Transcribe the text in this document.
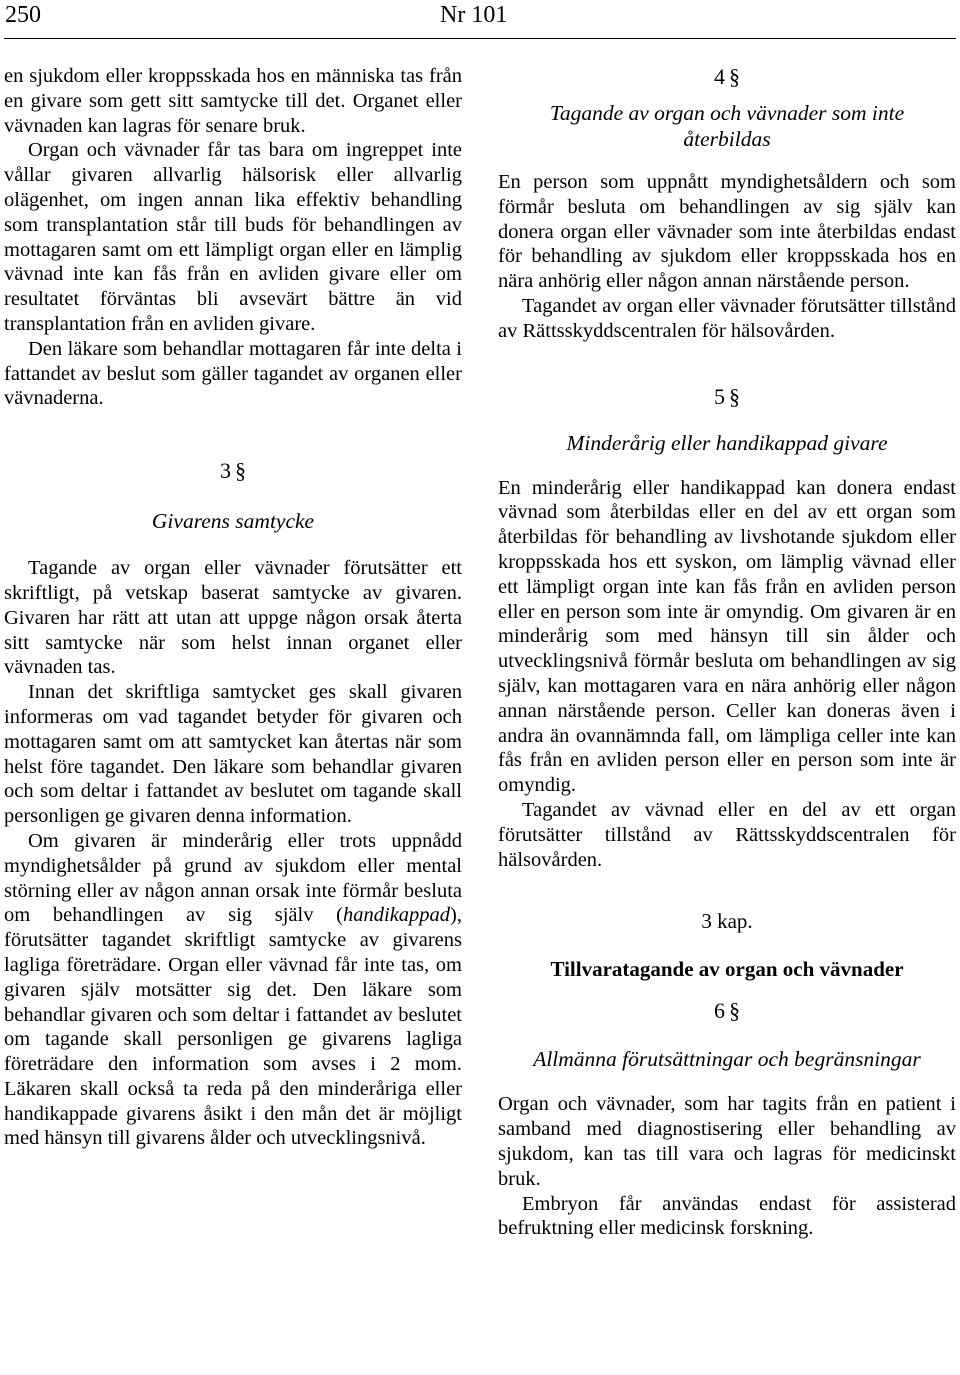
250	Nr 101

en sjukdom eller kroppsskada hos en människa tas från en givare som gett sitt samtycke till det. Organet eller vävnaden kan lagras för senare bruk.

Organ och vävnader får tas bara om ingreppet inte vållar givaren allvarlig hälsorisk eller allvarlig olägenhet, om ingen annan lika effektiv behandling som transplantation står till buds för behandlingen av mottagaren samt om ett lämpligt organ eller en lämplig vävnad inte kan fås från en avliden givare eller om resultatet förväntas bli avsevärt bättre än vid transplantation från en avliden givare.

Den läkare som behandlar mottagaren får inte delta i fattandet av beslut som gäller tagandet av organen eller vävnaderna.

3 §

Givarens samtycke

Tagande av organ eller vävnader förutsätter ett skriftligt, på vetskap baserat samtycke av givaren. Givaren har rätt att utan att uppge någon orsak återta sitt samtycke när som helst innan organet eller vävnaden tas.

Innan det skriftliga samtycket ges skall givaren informeras om vad tagandet betyder för givaren och mottagaren samt om att samtycket kan återtas när som helst före tagandet. Den läkare som behandlar givaren och som deltar i fattandet av beslutet om tagande skall personligen ge givaren denna information.

Om givaren är minderårig eller trots uppnådd myndighetsålder på grund av sjukdom eller mental störning eller av någon annan orsak inte förmår besluta om behandlingen av sig själv (handikappad), förutsätter tagandet skriftligt samtycke av givarens lagliga företrädare. Organ eller vävnad får inte tas, om givaren själv motsätter sig det. Den läkare som behandlar givaren och som deltar i fattandet av beslutet om tagande skall personligen ge givarens lagliga företrädare den information som avses i 2 mom. Läkaren skall också ta reda på den minderåriga eller handikappade givarens åsikt i den mån det är möjligt med hänsyn till givarens ålder och utvecklingsnivå.

4 §

Tagande av organ och vävnader som inte återbildas

En person som uppnått myndighetsåldern och som förmår besluta om behandlingen av sig själv kan donera organ eller vävnader som inte återbildas endast för behandling av sjukdom eller kroppsskada hos en nära anhörig eller någon annan närstående person.

Tagandet av organ eller vävnader förutsätter tillstånd av Rättsskyddscentralen för hälsovården.

5 §

Minderårig eller handikappad givare

En minderårig eller handikappad kan donera endast vävnad som återbildas eller en del av ett organ som återbildas för behandling av livshotande sjukdom eller kroppsskada hos ett syskon, om lämplig vävnad eller ett lämpligt organ inte kan fås från en avliden person eller en person som inte är omyndig. Om givaren är en minderårig som med hänsyn till sin ålder och utvecklingsnivå förmår besluta om behandlingen av sig själv, kan mottagaren vara en nära anhörig eller någon annan närstående person. Celler kan doneras även i andra än ovannämnda fall, om lämpliga celler inte kan fås från en avliden person eller en person som inte är omyndig.

Tagandet av vävnad eller en del av ett organ förutsätter tillstånd av Rättsskyddscentralen för hälsovården.

3 kap.

Tillvaratagande av organ och vävnader

6 §

Allmänna förutsättningar och begränsningar

Organ och vävnader, som har tagits från en patient i samband med diagnostisering eller behandling av sjukdom, kan tas till vara och lagras för medicinskt bruk.

Embryon får användas endast för assisterad befruktning eller medicinsk forskning.
